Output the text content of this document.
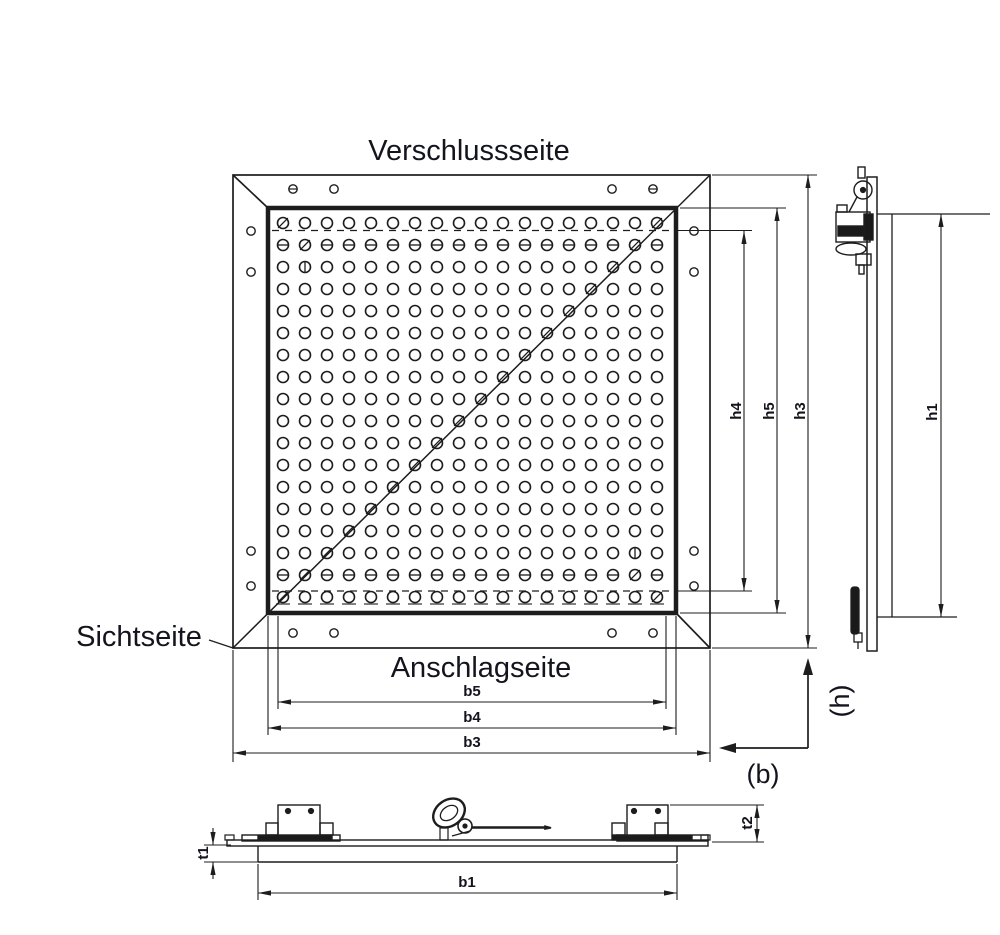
Verschlussseite
Anschlagseite
Sichtseite
b5
b4
b3
b1
h4 h5 h3	h1
t1
t2
(b)
(h)
